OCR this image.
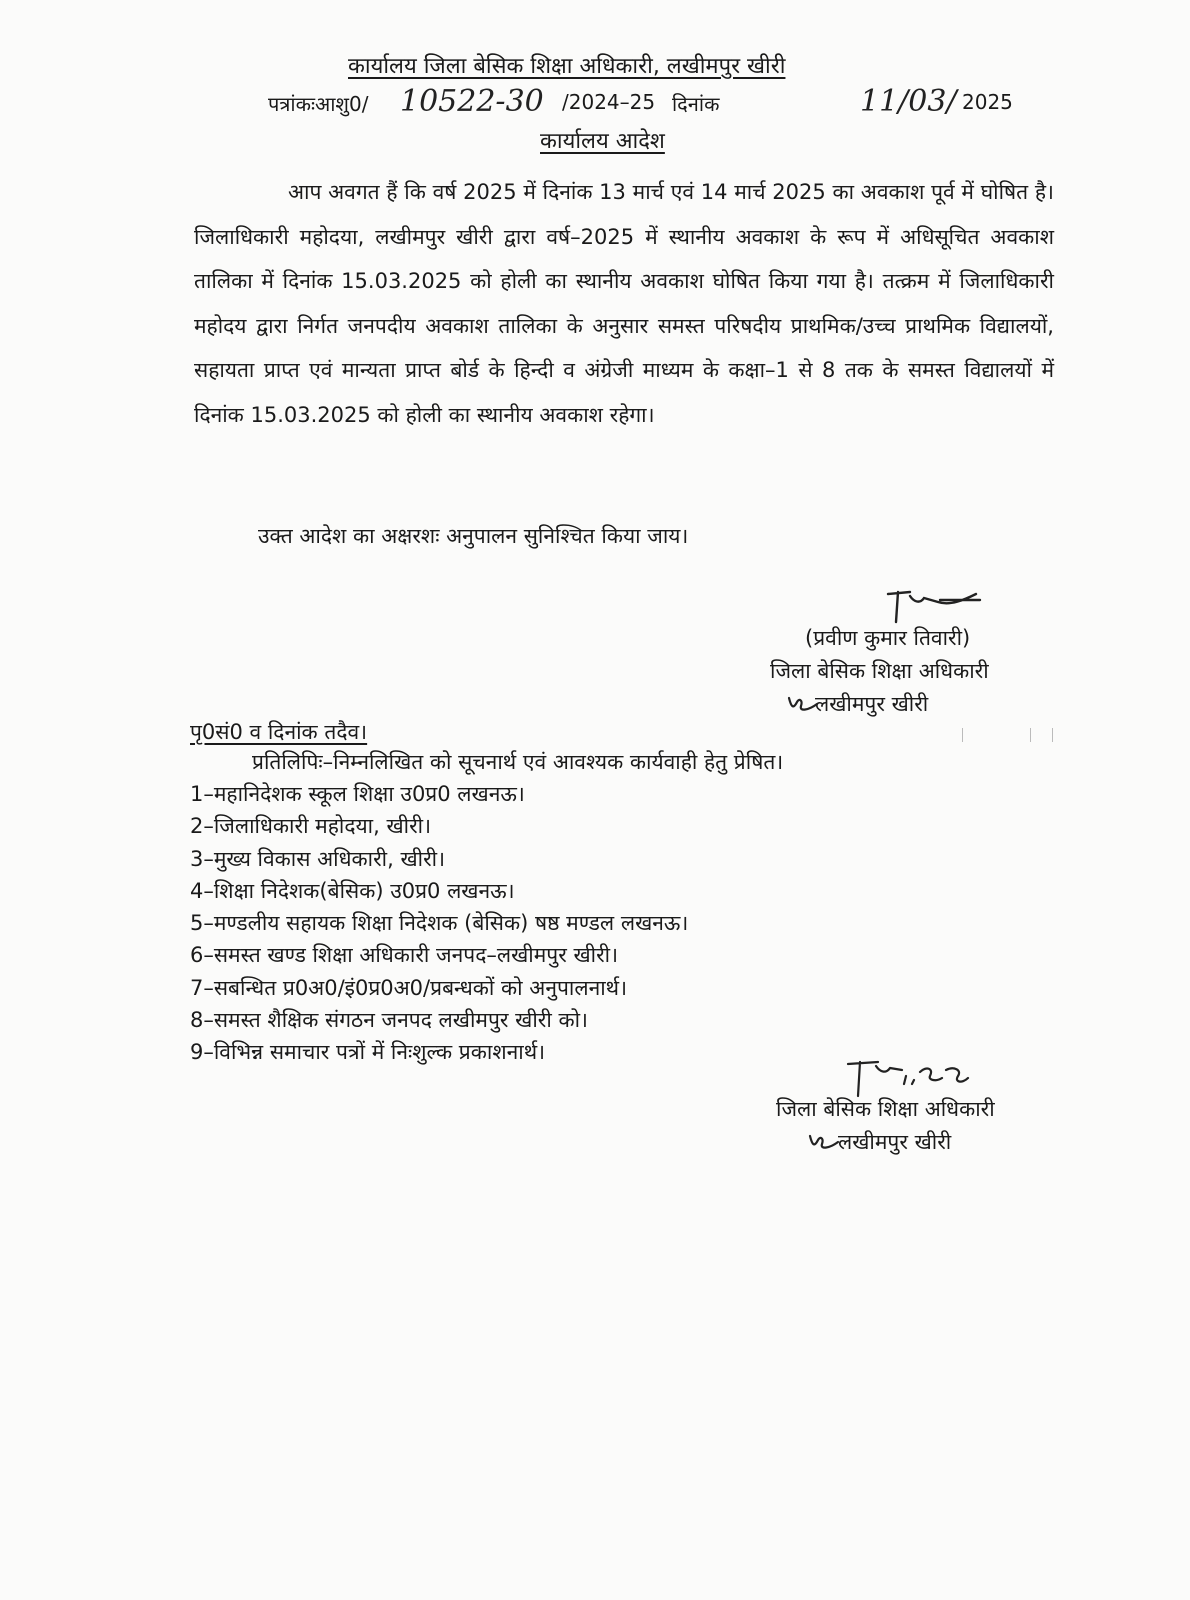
कार्यालय जिला बेसिक शिक्षा अधिकारी, लखीमपुर खीरी
पत्रांकःआशु0/ 10522-30 /2024–25 दिनांक	11/03/ 2025
कार्यालय आदेश

आप अवगत हैं कि वर्ष 2025 में दिनांक 13 मार्च एवं 14 मार्च 2025 का अवकाश पूर्व में घोषित है। जिलाधिकारी महोदया, लखीमपुर खीरी द्वारा वर्ष–2025 में स्थानीय अवकाश के रूप में अधिसूचित अवकाश तालिका में दिनांक 15.03.2025 को होली का स्थानीय अवकाश घोषित किया गया है। तत्क्रम में जिलाधिकारी महोदय द्वारा निर्गत जनपदीय अवकाश तालिका के अनुसार समस्त परिषदीय प्राथमिक/उच्च प्राथमिक विद्यालयों, सहायता प्राप्त एवं मान्यता प्राप्त बोर्ड के हिन्दी व अंग्रेजी माध्यम के कक्षा–1 से 8 तक के समस्त विद्यालयों में दिनांक 15.03.2025 को होली का स्थानीय अवकाश रहेगा।

उक्त आदेश का अक्षरशः अनुपालन सुनिश्चित किया जाय।
(प्रवीण कुमार तिवारी)
जिला बेसिक शिक्षा अधिकारी
लखीमपुर खीरी
पृ0सं0 व दिनांक तदैव।
प्रतिलिपिः–निम्नलिखित को सूचनार्थ एवं आवश्यक कार्यवाही हेतु प्रेषित।
1–महानिदेशक स्कूल शिक्षा उ0प्र0 लखनऊ।
2–जिलाधिकारी महोदया, खीरी।
3–मुख्य विकास अधिकारी, खीरी।
4–शिक्षा निदेशक(बेसिक) उ0प्र0 लखनऊ।
5–मण्डलीय सहायक शिक्षा निदेशक (बेसिक) षष्ठ मण्डल लखनऊ।
6–समस्त खण्ड शिक्षा अधिकारी जनपद–लखीमपुर खीरी।
7–सबन्धित प्र0अ0/इं0प्र0अ0/प्रबन्धकों को अनुपालनार्थ।
8–समस्त शैक्षिक संगठन जनपद लखीमपुर खीरी को।
9–विभिन्न समाचार पत्रों में निःशुल्क प्रकाशनार्थ।
जिला बेसिक शिक्षा अधिकारी
लखीमपुर खीरी
